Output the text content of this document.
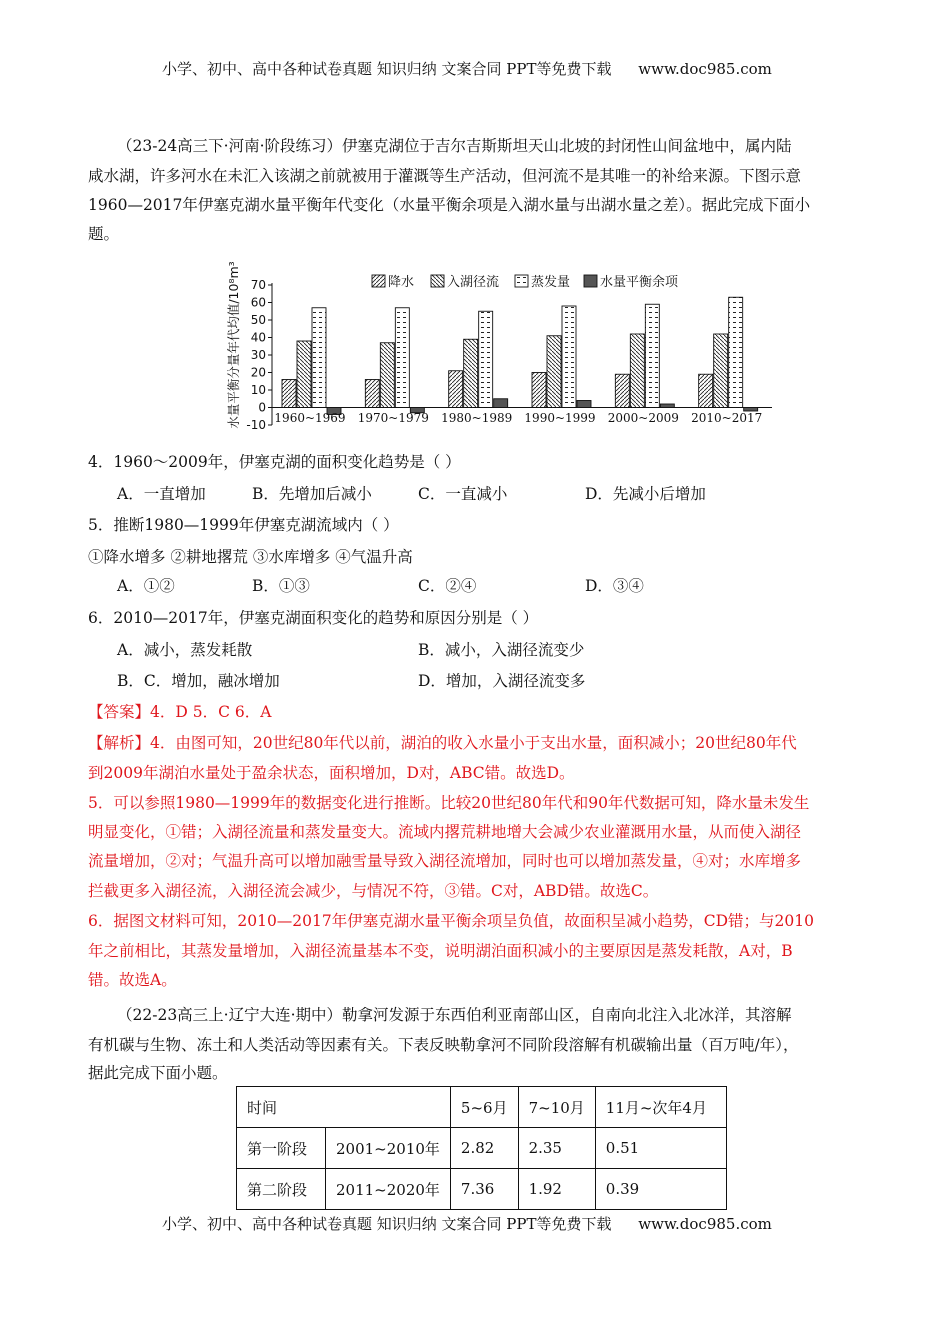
小学、初中、高中各种试卷真题 知识归纳 文案合同 PPT等免费下载 www.doc985.com
（23-24高三下·河南·阶段练习）伊塞克湖位于吉尔吉斯斯坦天山北坡的封闭性山间盆地中，属内陆
咸水湖，许多河水在未汇入该湖之前就被用于灌溉等生产活动，但河流不是其唯一的补给来源。下图示意
1960—2017年伊塞克湖水量平衡年代变化（水量平衡余项是入湖水量与出湖水量之差）。据此完成下面小
题。
水量平衡分量年代均值/10⁸m³ 70
60
50
40
30
20
10
0
-10 1960~1969 1970~1979 1980~1989 1990~1999 2000~2009 2010~2017
降水	入湖径流 蒸发量 水量平衡余项
4．1960～2009年，伊塞克湖的面积变化趋势是（ ）
A．一直增加	B．先增加后减小	C．一直减小	D．先减小后增加
5．推断1980—1999年伊塞克湖流域内（ ）
①降水增多 ②耕地撂荒 ③水库增多 ④气温升高
A．①②	B．①③	C．②④	D．③④
6．2010—2017年，伊塞克湖面积变化的趋势和原因分别是（ ）
A．减小，蒸发耗散	B．减小，入湖径流变少
B．C．增加，融冰增加	D．增加，入湖径流变多
【答案】4．D 5．C 6．A
【解析】4．由图可知，20世纪80年代以前，湖泊的收入水量小于支出水量，面积减小；20世纪80年代
到2009年湖泊水量处于盈余状态，面积增加，D对，ABC错。故选D。
5．可以参照1980—1999年的数据变化进行推断。比较20世纪80年代和90年代数据可知，降水量未发生
明显变化，①错；入湖径流量和蒸发量变大。流域内撂荒耕地增大会减少农业灌溉用水量，从而使入湖径
流量增加，②对；气温升高可以增加融雪量导致入湖径流增加，同时也可以增加蒸发量，④对；水库增多
拦截更多入湖径流，入湖径流会减少，与情况不符，③错。C对，ABD错。故选C。
6．据图文材料可知，2010—2017年伊塞克湖水量平衡余项呈负值，故面积呈减小趋势，CD错；与2010
年之前相比，其蒸发量增加，入湖径流量基本不变，说明湖泊面积减小的主要原因是蒸发耗散，A对，B
错。故选A。
（22-23高三上·辽宁大连·期中）勒拿河发源于东西伯利亚南部山区，自南向北注入北冰洋，其溶解
有机碳与生物、冻土和人类活动等因素有关。下表反映勒拿河不同阶段溶解有机碳输出量（百万吨/年），
据此完成下面小题。
时间		5~6月	7~10月	11月~次年4月
第一阶段	2001~2010年	2.82	2.35	0.51
第二阶段	2011~2020年	7.36	1.92	0.39
小学、初中、高中各种试卷真题 知识归纳 文案合同 PPT等免费下载 www.doc985.com
